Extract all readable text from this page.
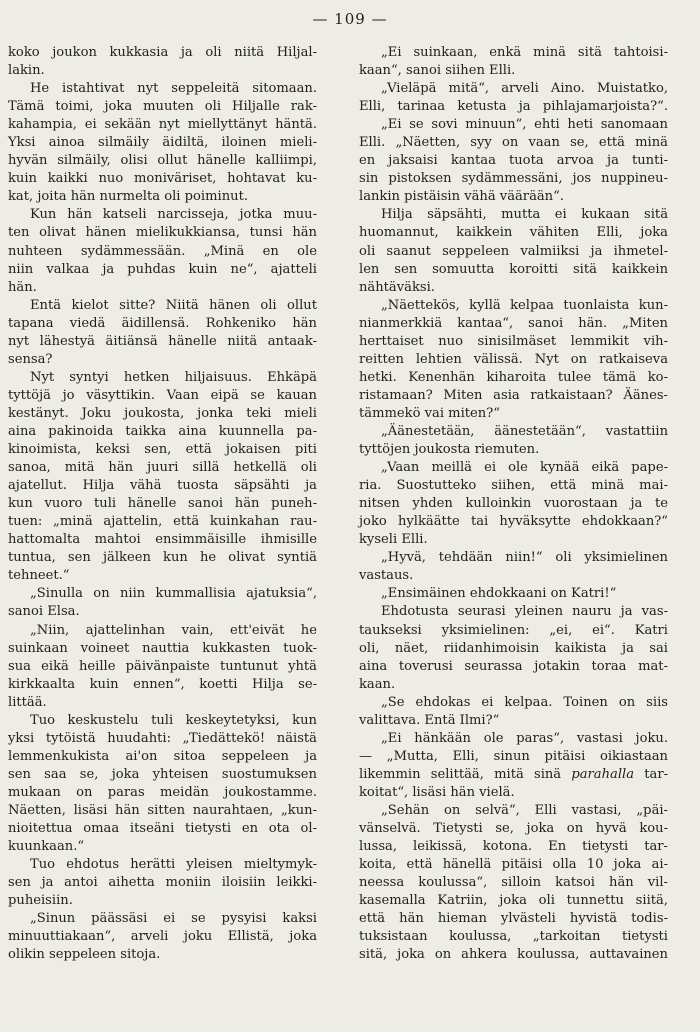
— 109 —
koko joukon kukkasia ja oli niitä Hiljal-
lakin.
He istahtivat nyt seppeleitä sitomaan.
Tämä toimi, joka muuten oli Hiljalle rak-
kahampia, ei sekään nyt miellyttänyt häntä.
Yksi ainoa silmäily äidiltä, iloinen mieli-
hyvän silmäily, olisi ollut hänelle kalliimpi,
kuin kaikki nuo moniväriset, hohtavat ku-
kat, joita hän nurmelta oli poiminut.
Kun hän katseli narcisseja, jotka muu-
ten olivat hänen mielikukkiansa, tunsi hän
nuhteen sydämmessään. „Minä en ole
niin valkaa ja puhdas kuin ne“, ajatteli
hän.
Entä kielot sitte? Niitä hänen oli ollut
tapana viedä äidillensä. Rohkeniko hän
nyt lähestyä äitiänsä hänelle niitä antaak-
sensa?
Nyt syntyi hetken hiljaisuus. Ehkäpä
tyttöjä jo väsyttikin. Vaan eipä se kauan
kestänyt. Joku joukosta, jonka teki mieli
aina pakinoida taikka aina kuunnella pa-
kinoimista, keksi sen, että jokaisen piti
sanoa, mitä hän juuri sillä hetkellä oli
ajatellut. Hilja vähä tuosta säpsähti ja
kun vuoro tuli hänelle sanoi hän puneh-
tuen: „minä ajattelin, että kuinkahan rau-
hattomalta mahtoi ensimmäisille ihmisille
tuntua, sen jälkeen kun he olivat syntiä
tehneet.“
„Sinulla on niin kummallisia ajatuksia“,
sanoi Elsa.
„Niin, ajattelinhan vain, ett'eivät he
suinkaan voineet nauttia kukkasten tuok-
sua eikä heille päivänpaiste tuntunut yhtä
kirkkaalta kuin ennen“, koetti Hilja se-
littää.
Tuo keskustelu tuli keskeytetyksi, kun
yksi tytöistä huudahti: „Tiedättekö! näistä
lemmenkukista ai'on sitoa seppeleen ja
sen saa se, joka yhteisen suostumuksen
mukaan on paras meidän joukostamme.
Näetten, lisäsi hän sitten naurahtaen, „kun-
nioitettua omaa itseäni tietysti en ota ol-
kuunkaan.“
Tuo ehdotus herätti yleisen mieltymyk-
sen ja antoi aihetta moniin iloisiin leikki-
puheisiin.
„Sinun päässäsi ei se pysyisi kaksi
minuuttiakaan“, arveli joku Ellistä, joka
olikin seppeleen sitoja.
„Ei suinkaan, enkä minä sitä tahtoisi-
kaan“, sanoi siihen Elli.
„Vieläpä mitä“, arveli Aino. Muistatko,
Elli, tarinaa ketusta ja pihlajamarjoista?“.
„Ei se sovi minuun“, ehti heti sanomaan
Elli. „Näetten, syy on vaan se, että minä
en jaksaisi kantaa tuota arvoa ja tunti-
sin pistoksen sydämmessäni, jos nuppineu-
lankin pistäisin vähä väärään“.
Hilja säpsähti, mutta ei kukaan sitä
huomannut, kaikkein vähiten Elli, joka
oli saanut seppeleen valmiiksi ja ihmetel-
len sen somuutta koroitti sitä kaikkein
nähtäväksi.
„Näettekös, kyllä kelpaa tuonlaista kun-
nianmerkkiä kantaa“, sanoi hän. „Miten
herttaiset nuo sinisilmäset lemmikit vih-
reitten lehtien välissä. Nyt on ratkaiseva
hetki. Kenenhän kiharoita tulee tämä ko-
ristamaan? Miten asia ratkaistaan? Äänes-
tämmekö vai miten?“
„Äänestetään, äänestetään“, vastattiin
tyttöjen joukosta riemuten.
„Vaan meillä ei ole kynää eikä pape-
ria. Suostutteko siihen, että minä mai-
nitsen yhden kulloinkin vuorostaan ja te
joko hylkäätte tai hyväksytte ehdokkaan?“
kyseli Elli.
„Hyvä, tehdään niin!“ oli yksimielinen
vastaus.
„Ensimäinen ehdokkaani on Katri!“
Ehdotusta seurasi yleinen nauru ja vas-
taukseksi yksimielinen: „ei, ei“. Katri
oli, näet, riidanhimoisin kaikista ja sai
aina toverusi seurassa jotakin toraa mat-
kaan.
„Se ehdokas ei kelpaa. Toinen on siis
valittava. Entä Ilmi?“
„Ei hänkään ole paras“, vastasi joku.
— „Mutta, Elli, sinun pitäisi oikiastaan
likemmin selittää, mitä sinä parahalla tar-
koitat“, lisäsi hän vielä.
„Sehän on selvä“, Elli vastasi, „päi-
vänselvä. Tietysti se, joka on hyvä kou-
lussa, leikissä, kotona. En tietysti tar-
koita, että hänellä pitäisi olla 10 joka ai-
neessa koulussa“, silloin katsoi hän vil-
kasemalla Katriin, joka oli tunnettu siitä,
että hän hieman ylvästeli hyvistä todis-
tuksistaan koulussa, „tarkoitan tietysti
sitä, joka on ahkera koulussa, auttavainen
